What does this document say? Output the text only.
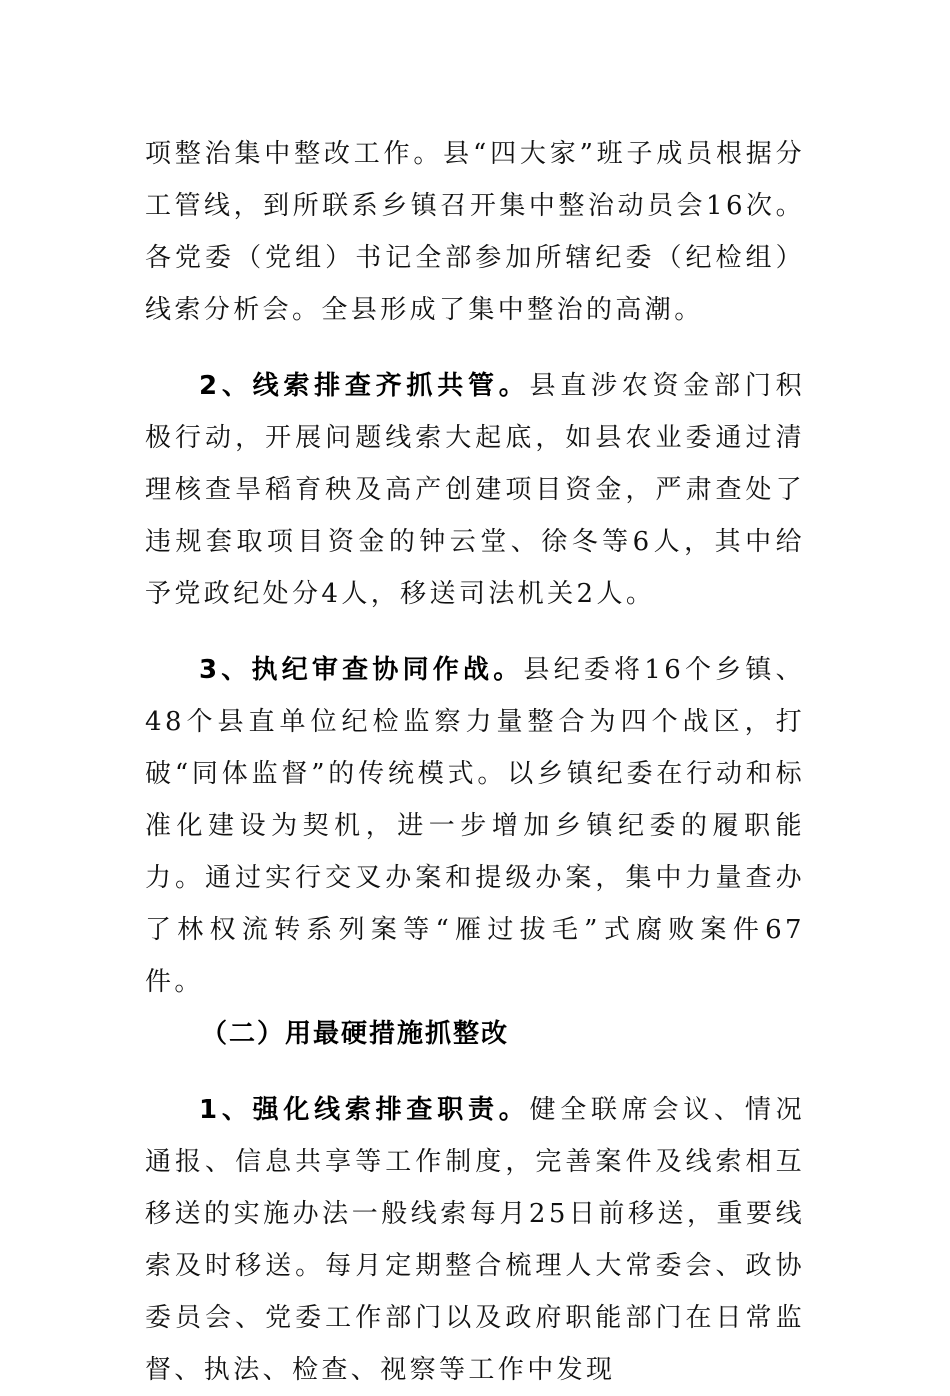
项整治集中整改工作。县“四大家”班子成员根据分工管线，到所联系乡镇召开集中整治动员会16次。各党委（党组）书记全部参加所辖纪委（纪检组）线索分析会。全县形成了集中整治的高潮。

2、线索排查齐抓共管。县直涉农资金部门积极行动，开展问题线索大起底，如县农业委通过清理核查旱稻育秧及高产创建项目资金，严肃查处了违规套取项目资金的钟云堂、徐冬等6人，其中给予党政纪处分4人，移送司法机关2人。

3、执纪审查协同作战。县纪委将16个乡镇、48个县直单位纪检监察力量整合为四个战区，打破“同体监督”的传统模式。以乡镇纪委在行动和标准化建设为契机，进一步增加乡镇纪委的履职能力。通过实行交叉办案和提级办案，集中力量查办了林权流转系列案等“雁过拔毛”式腐败案件67件。

（二）用最硬措施抓整改

1、强化线索排查职责。健全联席会议、情况通报、信息共享等工作制度，完善案件及线索相互移送的实施办法一般线索每月25日前移送，重要线索及时移送。每月定期整合梳理人大常委会、政协委员会、党委工作部门以及政府职能部门在日常监督、执法、检查、视察等工作中发现
